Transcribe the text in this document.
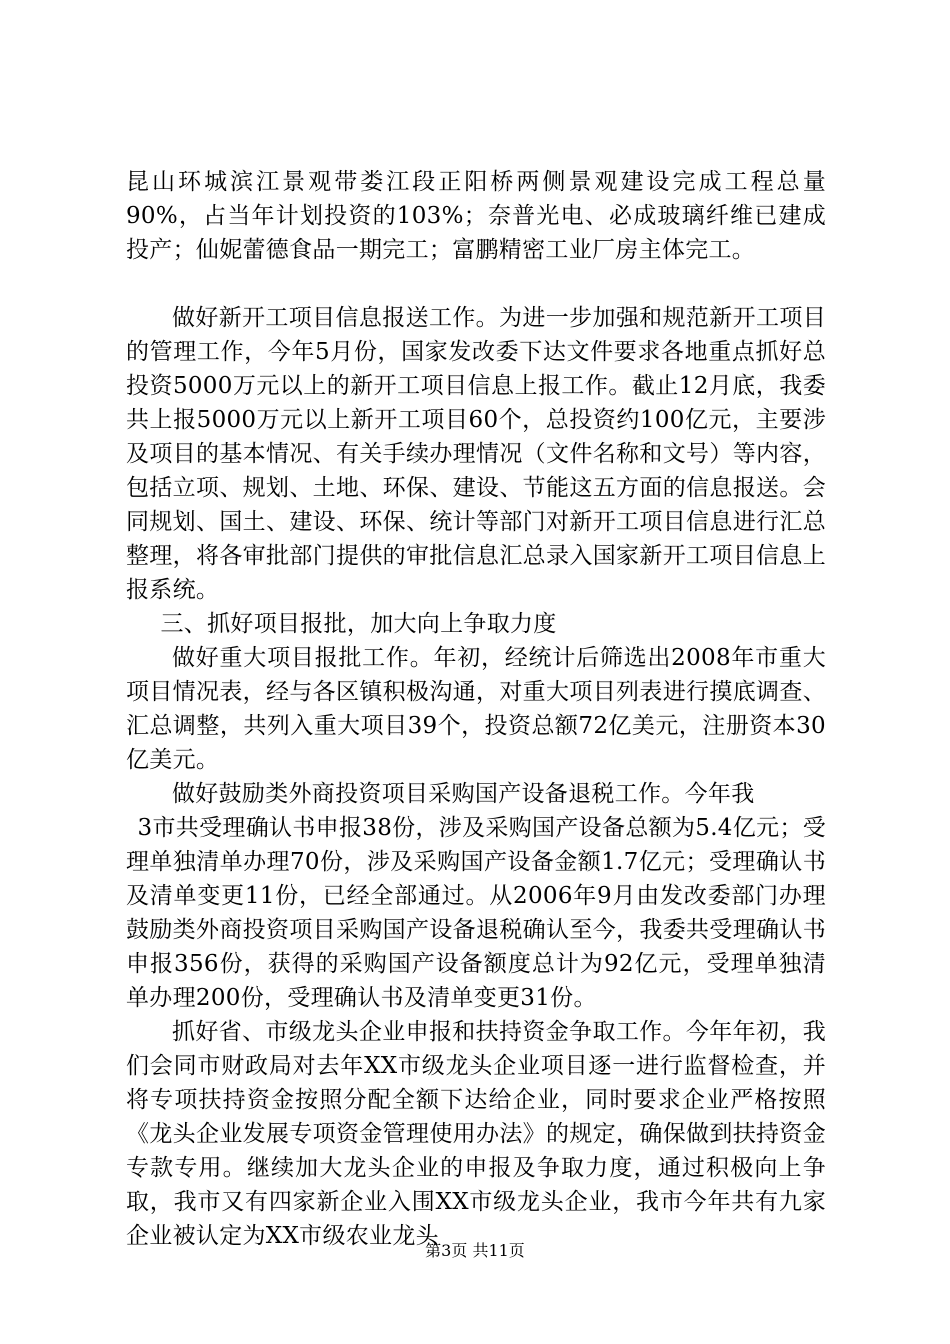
昆山环城滨江景观带娄江段正阳桥两侧景观建设完成工程总量90%，占当年计划投资的103%；奈普光电、必成玻璃纤维已建成投产；仙妮蕾德食品一期完工；富鹏精密工业厂房主体完工。

做好新开工项目信息报送工作。为进一步加强和规范新开工项目的管理工作，今年5月份，国家发改委下达文件要求各地重点抓好总投资5000万元以上的新开工项目信息上报工作。截止12月底，我委共上报5000万元以上新开工项目60个，总投资约100亿元，主要涉及项目的基本情况、有关手续办理情况（文件名称和文号）等内容，包括立项、规划、土地、环保、建设、节能这五方面的信息报送。会同规划、国土、建设、环保、统计等部门对新开工项目信息进行汇总整理，将各审批部门提供的审批信息汇总录入国家新开工项目信息上报系统。

三、抓好项目报批，加大向上争取力度

做好重大项目报批工作。年初，经统计后筛选出2008年市重大项目情况表，经与各区镇积极沟通，对重大项目列表进行摸底调查、汇总调整，共列入重大项目39个，投资总额72亿美元，注册资本30亿美元。

做好鼓励类外商投资项目采购国产设备退税工作。今年我

3市共受理确认书申报38份，涉及采购国产设备总额为5.4亿元；受理单独清单办理70份，涉及采购国产设备金额1.7亿元；受理确认书及清单变更11份，已经全部通过。从2006年9月由发改委部门办理鼓励类外商投资项目采购国产设备退税确认至今，我委共受理确认书申报356份，获得的采购国产设备额度总计为92亿元，受理单独清单办理200份，受理确认书及清单变更31份。

抓好省、市级龙头企业申报和扶持资金争取工作。今年年初，我们会同市财政局对去年XX市级龙头企业项目逐一进行监督检查，并将专项扶持资金按照分配全额下达给企业，同时要求企业严格按照《龙头企业发展专项资金管理使用办法》的规定，确保做到扶持资金专款专用。继续加大龙头企业的申报及争取力度，通过积极向上争取，我市又有四家新企业入围XX市级龙头企业，我市今年共有九家企业被认定为XX市级农业龙头

第3页 共11页
